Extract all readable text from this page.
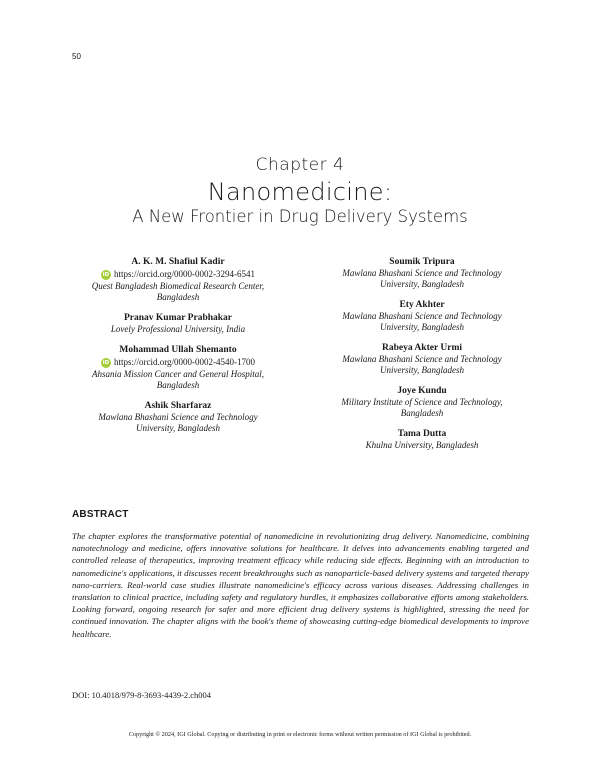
50
Chapter 4
Nanomedicine:
A New Frontier in Drug Delivery Systems
A. K. M. Shafiul Kadir
iD https://orcid.org/0000-0002-3294-6541
Quest Bangladesh Biomedical Research Center,
Bangladesh
Pranav Kumar Prabhakar
Lovely Professional University, India
Mohammad Ullah Shemanto
iD https://orcid.org/0000-0002-4540-1700
Ahsania Mission Cancer and General Hospital,
Bangladesh
Ashik Sharfaraz
Mawlana Bhashani Science and Technology
University, Bangladesh
Soumik Tripura
Mawlana Bhashani Science and Technology
University, Bangladesh
Ety Akhter
Mawlana Bhashani Science and Technology
University, Bangladesh
Rabeya Akter Urmi
Mawlana Bhashani Science and Technology
University, Bangladesh
Joye Kundu
Military Institute of Science and Technology,
Bangladesh
Tama Dutta
Khulna University, Bangladesh
ABSTRACT
The chapter explores the transformative potential of nanomedicine in revolutionizing drug delivery. Nanomedicine, combining nanotechnology and medicine, offers innovative solutions for healthcare. It delves into advancements enabling targeted and controlled release of therapeutics, improving treatment efficacy while reducing side effects. Beginning with an introduction to nanomedicine's applications, it discusses recent breakthroughs such as nanoparticle-based delivery systems and targeted therapy nano-carriers. Real-world case studies illustrate nanomedicine's efficacy across various diseases. Addressing challenges in translation to clinical practice, including safety and regulatory hurdles, it emphasizes collaborative efforts among stakeholders. Looking forward, ongoing research for safer and more efficient drug delivery systems is highlighted, stressing the need for continued innovation. The chapter aligns with the book's theme of showcasing cutting-edge biomedical developments to improve healthcare.
DOI: 10.4018/979-8-3693-4439-2.ch004
Copyright © 2024, IGI Global. Copying or distributing in print or electronic forms without written permission of IGI Global is prohibited.
